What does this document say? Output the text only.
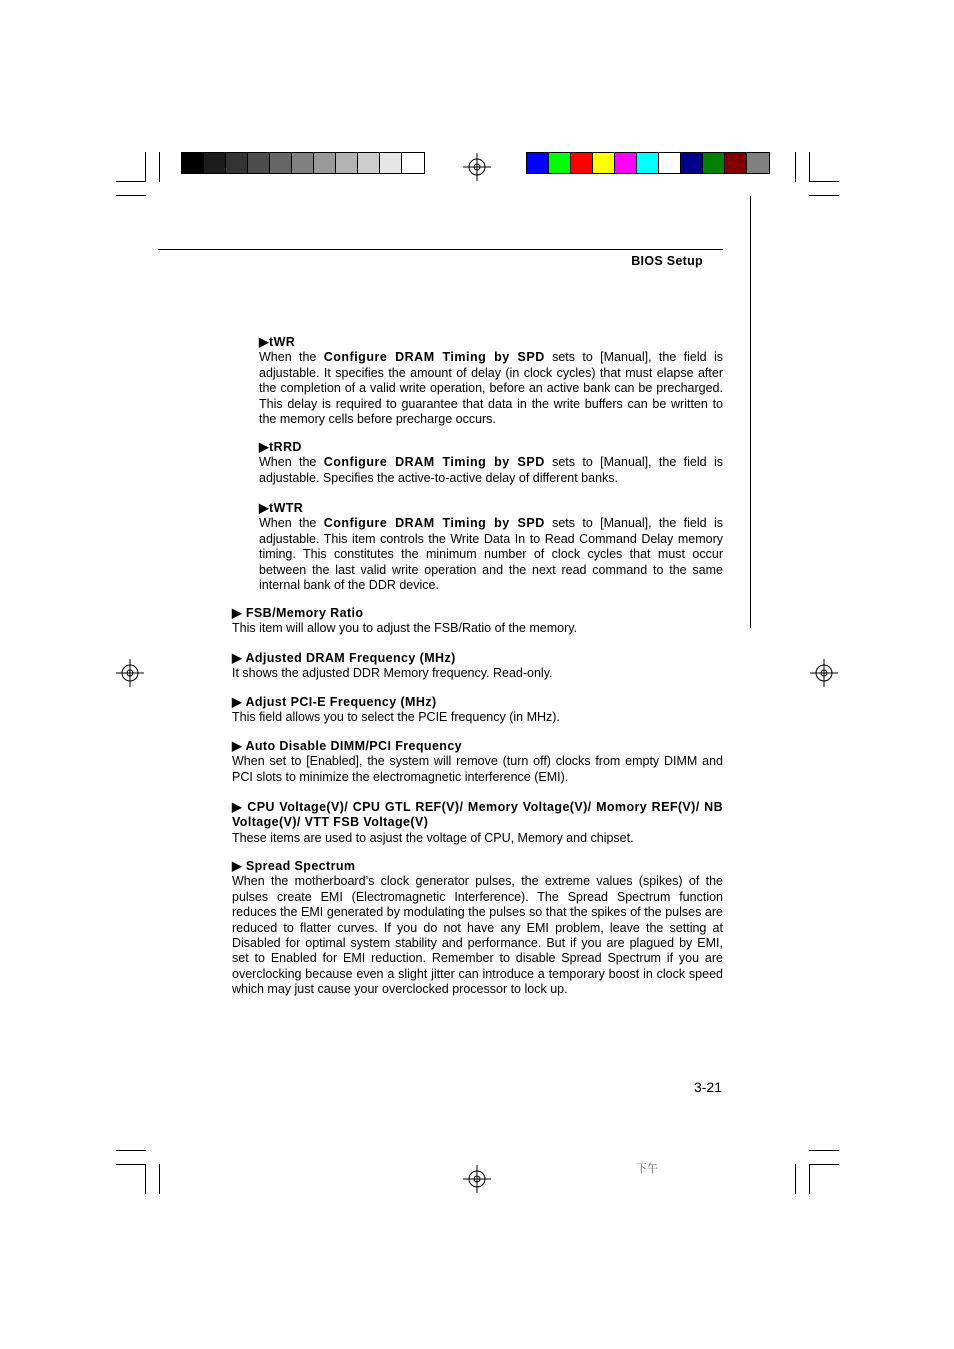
BIOS Setup
▶tWR
When the Configure DRAM Timing by SPD sets to [Manual], the field is adjustable. It specifies the amount of delay (in clock cycles) that must elapse after the completion of a valid write operation, before an active bank can be precharged. This delay is required to guarantee that data in the write buffers can be written to the memory cells before precharge occurs.
▶tRRD
When the Configure DRAM Timing by SPD sets to [Manual], the field is adjustable. Specifies the active-to-active delay of different banks.
▶tWTR
When the Configure DRAM Timing by SPD sets to [Manual], the field is adjustable. This item controls the Write Data In to Read Command Delay memory timing. This constitutes the minimum number of clock cycles that must occur between the last valid write operation and the next read command to the same internal bank of the DDR device.
▶ FSB/Memory Ratio
This item will allow you to adjust the FSB/Ratio of the memory.
▶ Adjusted DRAM Frequency (MHz)
It shows the adjusted DDR Memory frequency. Read-only.
▶ Adjust PCI-E Frequency (MHz)
This field allows you to select the PCIE frequency (in MHz).
▶ Auto Disable DIMM/PCI Frequency
When set to [Enabled], the system will remove (turn off) clocks from empty DIMM and PCI slots to minimize the electromagnetic interference (EMI).
▶ CPU Voltage(V)/ CPU GTL REF(V)/ Memory Voltage(V)/ Momory REF(V)/ NB Voltage(V)/ VTT FSB Voltage(V)
These items are used to asjust the voltage of CPU, Memory and chipset.
▶ Spread Spectrum
When the motherboard’s clock generator pulses, the extreme values (spikes) of the pulses create EMI (Electromagnetic Interference). The Spread Spectrum function reduces the EMI generated by modulating the pulses so that the spikes of the pulses are reduced to flatter curves. If you do not have any EMI problem, leave the setting at Disabled for optimal system stability and performance. But if you are plagued by EMI, set to Enabled for EMI reduction. Remember to disable Spread Spectrum if you are overclocking because even a slight jitter can introduce a temporary boost in clock speed which may just cause your overclocked processor to lock up.
3-21
下午
